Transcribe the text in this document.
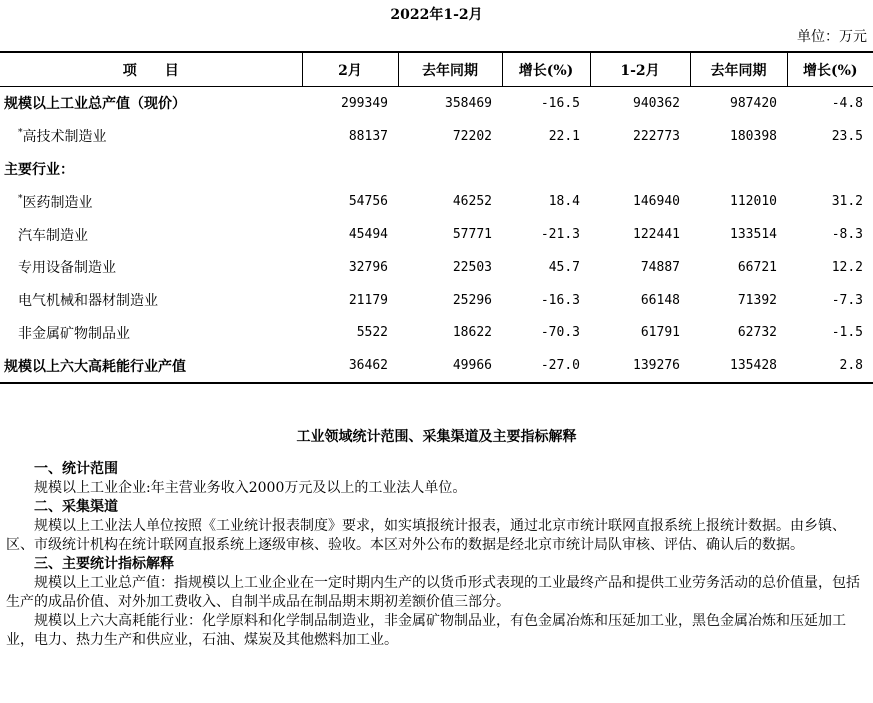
2022年1-2月
单位：万元
项　　目	2月	去年同期	增长(%)	1-2月	去年同期	增长(%)
规模以上工业总产值（现价）	299349	358469	-16.5	940362	987420	-4.8
*高技术制造业	88137	72202	22.1	222773	180398	23.5
主要行业：						
*医药制造业	54756	46252	18.4	146940	112010	31.2
汽车制造业	45494	57771	-21.3	122441	133514	-8.3
专用设备制造业	32796	22503	45.7	74887	66721	12.2
电气机械和器材制造业	21179	25296	-16.3	66148	71392	-7.3
非金属矿物制品业	5522	18622	-70.3	61791	62732	-1.5
规模以上六大高耗能行业产值	36462	49966	-27.0	139276	135428	2.8
工业领域统计范围、采集渠道及主要指标解释

一、统计范围

规模以上工业企业:年主营业务收入2000万元及以上的工业法人单位。

二、采集渠道

规模以上工业法人单位按照《工业统计报表制度》要求，如实填报统计报表，通过北京市统计联网直报系统上报统计数据。由乡镇、区、市级统计机构在统计联网直报系统上逐级审核、验收。本区对外公布的数据是经北京市统计局队审核、评估、确认后的数据。

三、主要统计指标解释

规模以上工业总产值：指规模以上工业企业在一定时期内生产的以货币形式表现的工业最终产品和提供工业劳务活动的总价值量，包括生产的成品价值、对外加工费收入、自制半成品在制品期末期初差额价值三部分。

规模以上六大高耗能行业：化学原料和化学制品制造业，非金属矿物制品业，有色金属冶炼和压延加工业，黑色金属冶炼和压延加工业，电力、热力生产和供应业，石油、煤炭及其他燃料加工业。
